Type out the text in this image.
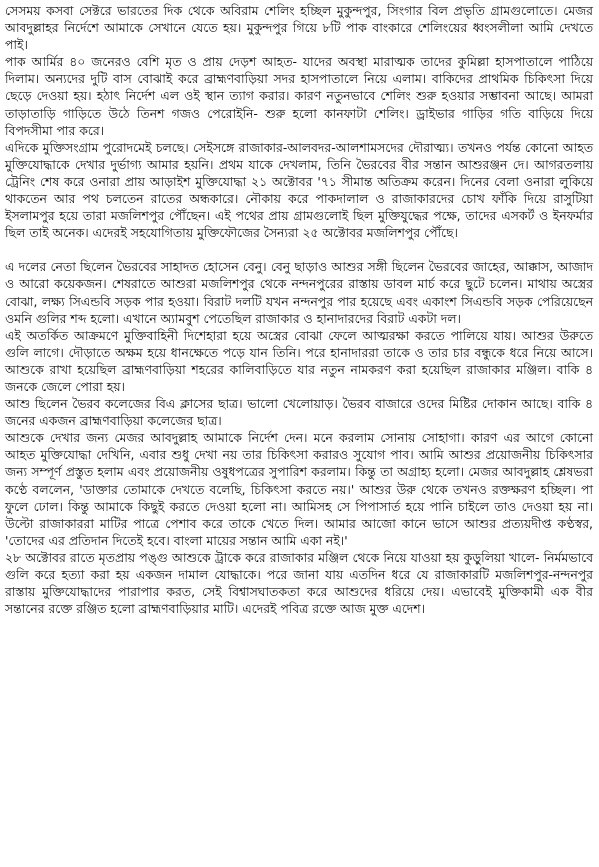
সেসময় কসবা সেক্টরে ভারতের দিক থেকে অবিরাম শেলিং হচ্ছিল মুকুন্দপুর, সিংগার বিল প্রভৃতি গ্রামগুলোতে। মেজর আবদুল্লাহর নির্দেশে আমাকে সেখানে যেতে হয়। মুকুন্দপুর গিয়ে ৮টি পাক বাংকারে শেলিংয়ের ধ্বংসলীলা আমি দেখতে পাই।

পাক আর্মির ৪০ জনেরও বেশি মৃত ও প্রায় দেড়শ আহত- যাদের অবস্থা মারাত্মক তাদের কুমিল্লা হাসপাতালে পাঠিয়ে দিলাম। অন্যদের দুটি বাস বোঝাই করে ব্রাহ্মণবাড়িয়া সদর হাসপাতালে নিয়ে এলাম। বাকিদের প্রাথমিক চিকিৎসা দিয়ে ছেড়ে দেওয়া হয়। হঠাৎ নির্দেশ এল ওই স্থান ত্যাগ করার। কারণ নতুনভাবে শেলিং শুরু হওয়ার সম্ভাবনা আছে। আমরা তাড়াতাড়ি গাড়িতে উঠে তিনশ গজও পেরোইনি- শুরু হলো কানফাটা শেলিং। ড্রাইভার গাড়ির গতি বাড়িয়ে দিয়ে বিপদসীমা পার করে।

এদিকে মুক্তিসংগ্রাম পুরোদমেই চলছে। সেইসঙ্গে রাজাকার-আলবদর-আলশামসদের দৌরাত্ম্য। তখনও পর্যন্ত কোনো আহত মুক্তিযোদ্ধাকে দেখার দুর্ভাগ্য আমার হয়নি। প্রথম যাকে দেখলাম, তিনি ভৈরবের বীর সন্তান আশুরঞ্জন দে। আগরতলায় ট্রেনিং শেষ করে ওনারা প্রায় আড়াইশ মুক্তিযোদ্ধা ২১ অক্টোবর '৭১ সীমান্ত অতিক্রম করেন। দিনের বেলা ওনারা লুকিয়ে থাকতেন আর পথ চলতেন রাতের অন্ধকারে। নৌকায় করে পাকদালাল ও রাজাকারদের চোখ ফাঁকি দিয়ে রাসুটিয়া ইসলামপুর হয়ে তারা মজলিশপুর পৌঁছেন। এই পথের প্রায় গ্রামগুলোই ছিল মুক্তিযুদ্ধের পক্ষে, তাদের এসকর্ট ও ইনফর্মার ছিল তাই অনেক। এদেরই সহযোগিতায় মুক্তিফৌজের সৈন্যরা ২৫ অক্টোবর মজলিশপুর পৌঁছে।

এ দলের নেতা ছিলেন ভৈরবের সাহাদত হোসেন বেনু। বেনু ছাড়াও আশুর সঙ্গী ছিলেন ভৈরবের জাহের, আক্কাস, আজাদ ও আরো কয়েকজন। শেষরাতে আশুরা মজলিশপুর থেকে নন্দনপুরের রাস্তায় ডাবল মার্চ করে ছুটে চলেন। মাথায় অস্ত্রের বোঝা, লক্ষ্য সিএন্ডবি সড়ক পার হওয়া। বিরাট দলটি যখন নন্দনপুর পার হয়েছে এবং একাংশ সিএন্ডবি সড়ক পেরিয়েছেন ওমনি গুলির শব্দ হলো। এখানে অ্যামবুশ পেতেছিল রাজাকার ও হানাদারদের বিরাট একটা দল।

এই অতর্কিত আক্রমণে মুক্তিবাহিনী দিশেহারা হয়ে অস্ত্রের বোঝা ফেলে আত্মরক্ষা করতে পালিয়ে যায়। আশুর উরুতে গুলি লাগে। দৌড়াতে অক্ষম হয়ে ধানক্ষেতে পড়ে যান তিনি। পরে হানাদাররা তাকে ও তার চার বন্ধুকে ধরে নিয়ে আসে। আশুকে রাখা হয়েছিল ব্রাহ্মণবাড়িয়া শহরের কালিবাড়িতে যার নতুন নামকরণ করা হয়েছিল রাজাকার মঞ্জিল। বাকি ৪ জনকে জেলে পোরা হয়।

আশু ছিলেন ভৈরব কলেজের বিএ ক্লাসের ছাত্র। ভালো খেলোয়াড়। ভৈরব বাজারে ওদের মিষ্টির দোকান আছে। বাকি ৪ জনের একজন ব্রাহ্মণবাড়িয়া কলেজের ছাত্র।

আশুকে দেখার জন্য মেজর আবদুল্লাহ আমাকে নির্দেশ দেন। মনে করলাম সোনায় সোহাগা। কারণ এর আগে কোনো আহত মুক্তিযোদ্ধা দেখিনি, এবার শুধু দেখা নয় তার চিকিৎসা করারও সুযোগ পাব। আমি আশুর প্রয়োজনীয় চিকিৎসার জন্য সম্পূর্ণ প্রস্তুত হলাম এবং প্রয়োজনীয় ওষুধপত্রের সুপারিশ করলাম। কিন্তু তা অগ্রাহ্য হলো। মেজর আবদুল্লাহ শ্লেষভরা কণ্ঠে বললেন, 'ডাক্তার তোমাকে দেখতে বলেছি, চিকিৎসা করতে নয়।' আশুর উরু থেকে তখনও রক্তক্ষরণ হচ্ছিল। পা ফুলে ঢোল। কিন্তু আমাকে কিছুই করতে দেওয়া হলো না। আমিসহ সে পিপাসার্ত হয়ে পানি চাইলে তাও দেওয়া হয় না। উল্টো রাজাকাররা মাটির পাত্রে পেশাব করে তাকে খেতে দিল। আমার আজো কানে ভাসে আশুর প্রত্যয়দীপ্ত কণ্ঠস্বর, 'তোদের এর প্রতিদান দিতেই হবে। বাংলা মায়ের সন্তান আমি একা নই।'

২৮ অক্টোবর রাতে মৃতপ্রায় পঙ্গু আশুকে ট্রাকে করে রাজাকার মঞ্জিল থেকে নিয়ে যাওয়া হয় কুড়ুলিয়া খালে- নির্মমভাবে গুলি করে হত্যা করা হয় একজন দামাল যোদ্ধাকে। পরে জানা যায় এতদিন ধরে যে রাজাকারটি মজলিশপুর-নন্দনপুর রাস্তায় মুক্তিযোদ্ধাদের পারাপার করত, সেই বিশ্বাসঘাতকতা করে আশুদের ধরিয়ে দেয়। এভাবেই মুক্তিকামী এক বীর সন্তানের রক্তে রঞ্জিত হলো ব্রাহ্মণবাড়িয়ার মাটি। এদেরই পবিত্র রক্তে আজ মুক্ত এদেশ।
